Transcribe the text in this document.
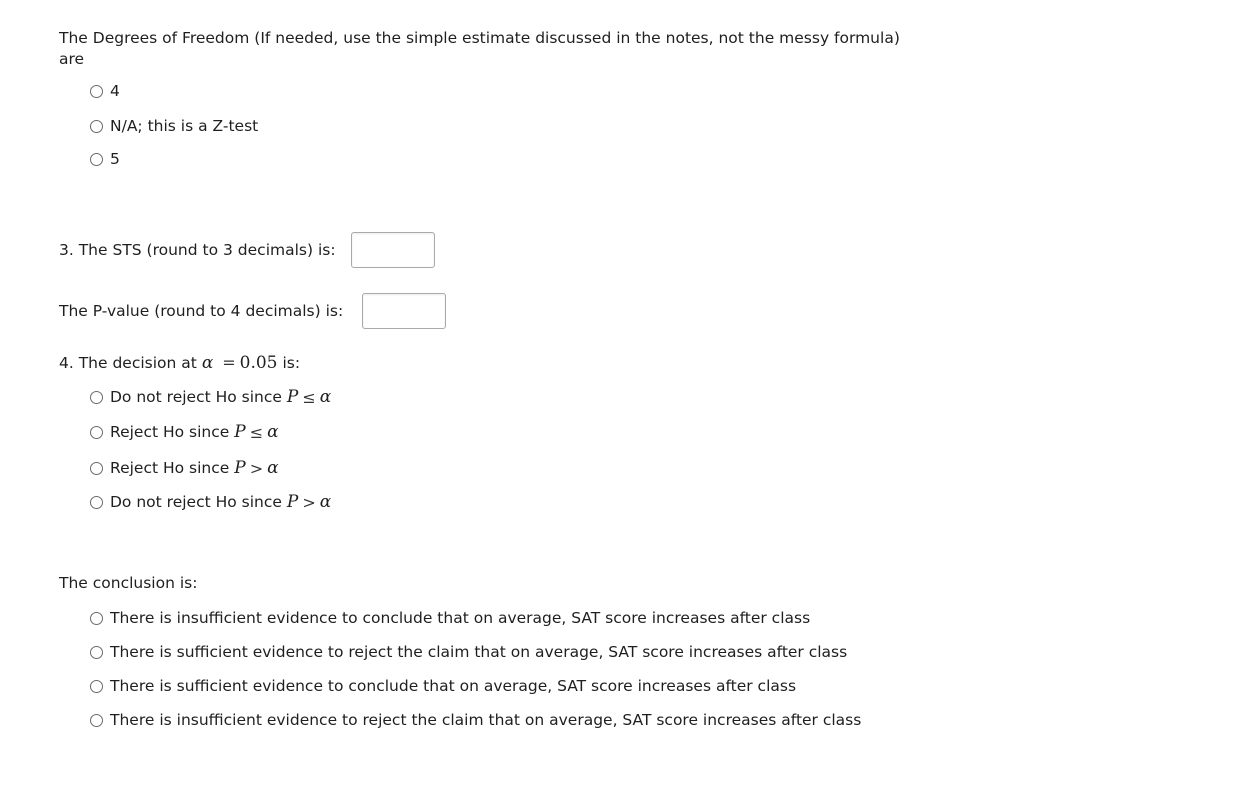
The Degrees of Freedom (If needed, use the simple estimate discussed in the notes, not the messy formula)
are
4
N/A; this is a Z-test
5
3. The STS (round to 3 decimals) is:
The P-value (round to 4 decimals) is:
4. The decision at α = 0.05 is:
Do not reject Ho since
P ≤ α
Reject Ho since
P ≤ α
Reject Ho since
P > α
Do not reject Ho since
P > α
The conclusion is:
There is insufficient evidence to conclude that on average, SAT score increases after class
There is sufficient evidence to reject the claim that on average, SAT score increases after class
There is sufficient evidence to conclude that on average, SAT score increases after class
There is insufficient evidence to reject the claim that on average, SAT score increases after class
